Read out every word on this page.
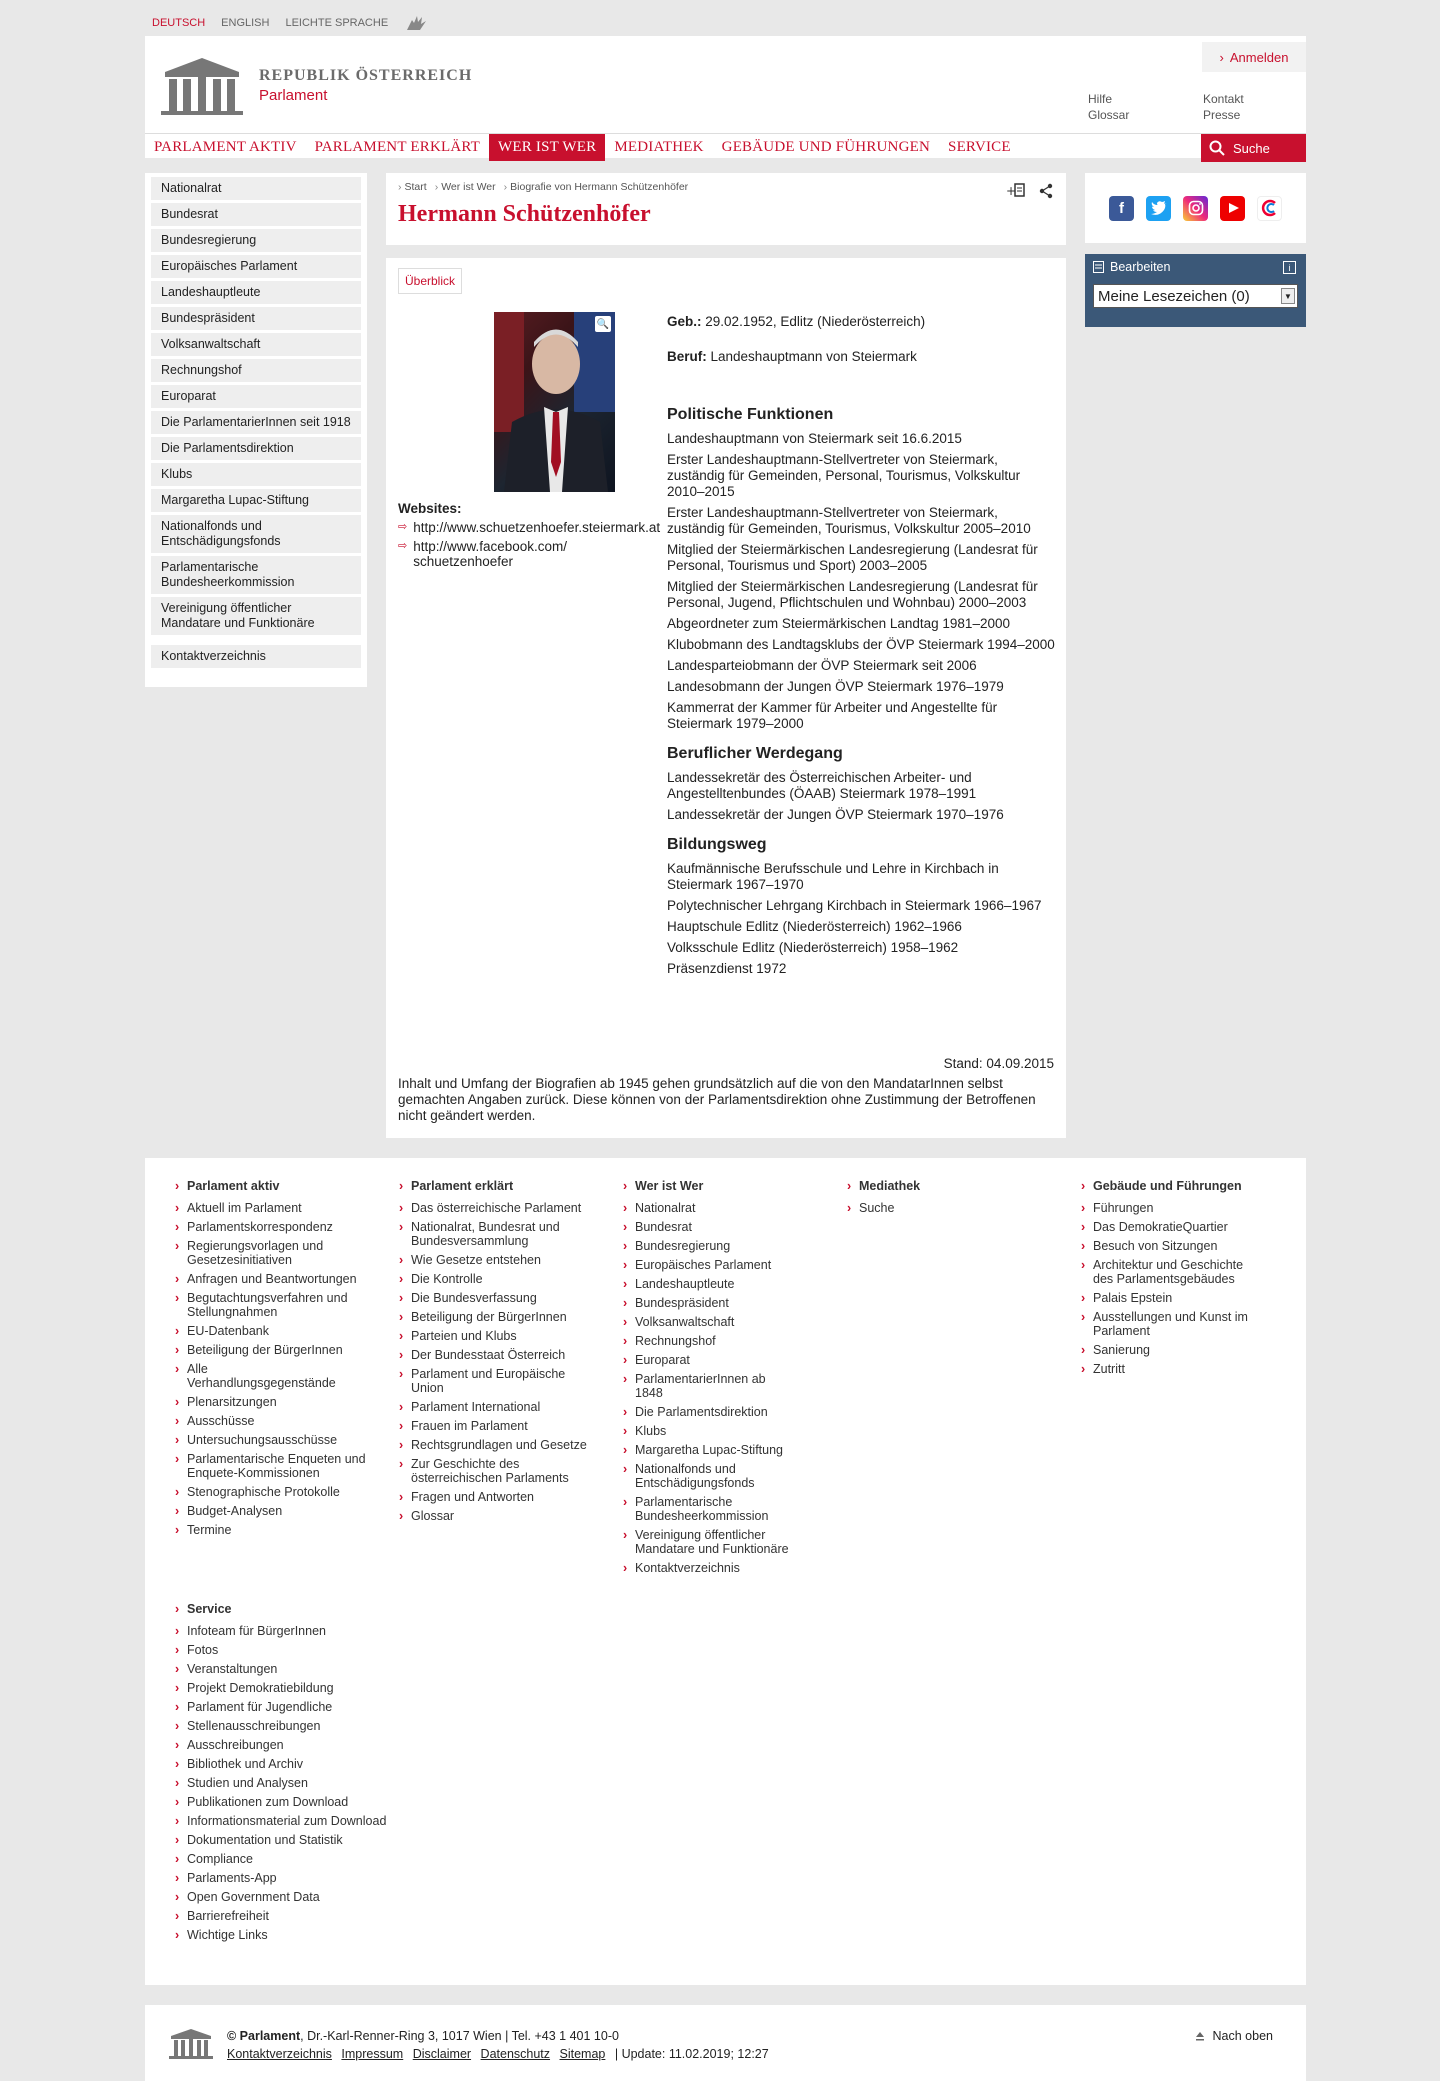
DEUTSCH ENGLISH LEICHTE SPRACHE
REPUBLIK ÖSTERREICH
Parlament
› Anmelden
Hilfe	Kontakt
Glossar	Presse
PARLAMENT AKTIV	PARLAMENT ERKLÄRT	WER IST WER	MEDIATHEK	GEBÄUDE UND FÜHRUNGEN	SERVICE	Suche
Nationalrat
Bundesrat
Bundesregierung
Europäisches Parlament
Landeshauptleute
Bundespräsident
Volksanwaltschaft
Rechnungshof
Europarat
Die ParlamentarierInnen seit 1918
Die Parlamentsdirektion
Klubs
Margaretha Lupac-Stiftung
Nationalfonds und Entschädigungsfonds
Parlamentarische Bundesheerkommission
Vereinigung öffentlicher Mandatare und Funktionäre
Kontaktverzeichnis
› Start	› Wer ist Wer	› Biografie von Hermann Schützenhöfer
Hermann Schützenhöfer
+
Überblick
🔍
Websites:
⇨ http://www.schuetzenhoefer.steiermark.at
⇨ http://www.facebook.com/ schuetzenhoefer
Geb.: 29.02.1952, Edlitz (Niederösterreich)
Beruf: Landeshauptmann von Steiermark
Politische Funktionen
Landeshauptmann von Steiermark seit 16.6.2015
Erster Landeshauptmann-Stellvertreter von Steiermark, zuständig für Gemeinden, Personal, Tourismus, Volkskultur 2010–2015
Erster Landeshauptmann-Stellvertreter von Steiermark, zuständig für Gemeinden, Tourismus, Volkskultur 2005–2010
Mitglied der Steiermärkischen Landesregierung (Landesrat für Personal, Tourismus und Sport) 2003–2005
Mitglied der Steiermärkischen Landesregierung (Landesrat für Personal, Jugend, Pflichtschulen und Wohnbau) 2000–2003
Abgeordneter zum Steiermärkischen Landtag 1981–2000
Klubobmann des Landtagsklubs der ÖVP Steiermark 1994–2000
Landesparteiobmann der ÖVP Steiermark seit 2006
Landesobmann der Jungen ÖVP Steiermark 1976–1979
Kammerrat der Kammer für Arbeiter und Angestellte für Steiermark 1979–2000
Beruflicher Werdegang
Landessekretär des Österreichischen Arbeiter- und Angestelltenbundes (ÖAAB) Steiermark 1978–1991
Landessekretär der Jungen ÖVP Steiermark 1970–1976
Bildungsweg
Kaufmännische Berufsschule und Lehre in Kirchbach in Steiermark 1967–1970
Polytechnischer Lehrgang Kirchbach in Steiermark 1966–1967
Hauptschule Edlitz (Niederösterreich) 1962–1966
Volksschule Edlitz (Niederösterreich) 1958–1962
Präsenzdienst 1972
Stand: 04.09.2015
Inhalt und Umfang der Biografien ab 1945 gehen grundsätzlich auf die von den MandatarInnen selbst gemachten Angaben zurück. Diese können von der Parlamentsdirektion ohne Zustimmung der Betroffenen nicht geändert werden.
f
Bearbeiten	i
Meine Lesezeichen (0)	▼
› Parlament aktiv
› Aktuell im Parlament
› Parlamentskorrespondenz
› Regierungsvorlagen und Gesetzesinitiativen
› Anfragen und Beantwortungen
› Begutachtungsverfahren und Stellungnahmen
› EU-Datenbank
› Beteiligung der BürgerInnen
› Alle Verhandlungsgegenstände
› Plenarsitzungen
› Ausschüsse
› Untersuchungsausschüsse
› Parlamentarische Enqueten und Enquete-Kommissionen
› Stenographische Protokolle
› Budget-Analysen
› Termine
› Parlament erklärt
› Das österreichische Parlament
› Nationalrat, Bundesrat und Bundesversammlung
› Wie Gesetze entstehen
› Die Kontrolle
› Die Bundesverfassung
› Beteiligung der BürgerInnen
› Parteien und Klubs
› Der Bundesstaat Österreich
› Parlament und Europäische Union
› Parlament International
› Frauen im Parlament
› Rechtsgrundlagen und Gesetze
› Zur Geschichte des österreichischen Parlaments
› Fragen und Antworten
› Glossar
› Wer ist Wer
› Nationalrat
› Bundesrat
› Bundesregierung
› Europäisches Parlament
› Landeshauptleute
› Bundespräsident
› Volksanwaltschaft
› Rechnungshof
› Europarat
› ParlamentarierInnen ab 1848
› Die Parlamentsdirektion
› Klubs
› Margaretha Lupac-Stiftung
› Nationalfonds und Entschädigungsfonds
› Parlamentarische Bundesheerkommission
› Vereinigung öffentlicher Mandatare und Funktionäre
› Kontaktverzeichnis
› Mediathek
› Suche
› Gebäude und Führungen
› Führungen
› Das DemokratieQuartier
› Besuch von Sitzungen
› Architektur und Geschichte des Parlamentsgebäudes
› Palais Epstein
› Ausstellungen und Kunst im Parlament
› Sanierung
› Zutritt
› Service
› Infoteam für BürgerInnen
› Fotos
› Veranstaltungen
› Projekt Demokratiebildung
› Parlament für Jugendliche
› Stellenausschreibungen
› Ausschreibungen
› Bibliothek und Archiv
› Studien und Analysen
› Publikationen zum Download
› Informationsmaterial zum Download
› Dokumentation und Statistik
› Compliance
› Parlaments-App
› Open Government Data
› Barrierefreiheit
› Wichtige Links
© Parlament, Dr.-Karl-Renner-Ring 3, 1017 Wien | Tel. +43 1 401 10-0
Kontaktverzeichnis Impressum Disclaimer Datenschutz Sitemap | Update: 11.02.2019; 12:27
Nach oben
